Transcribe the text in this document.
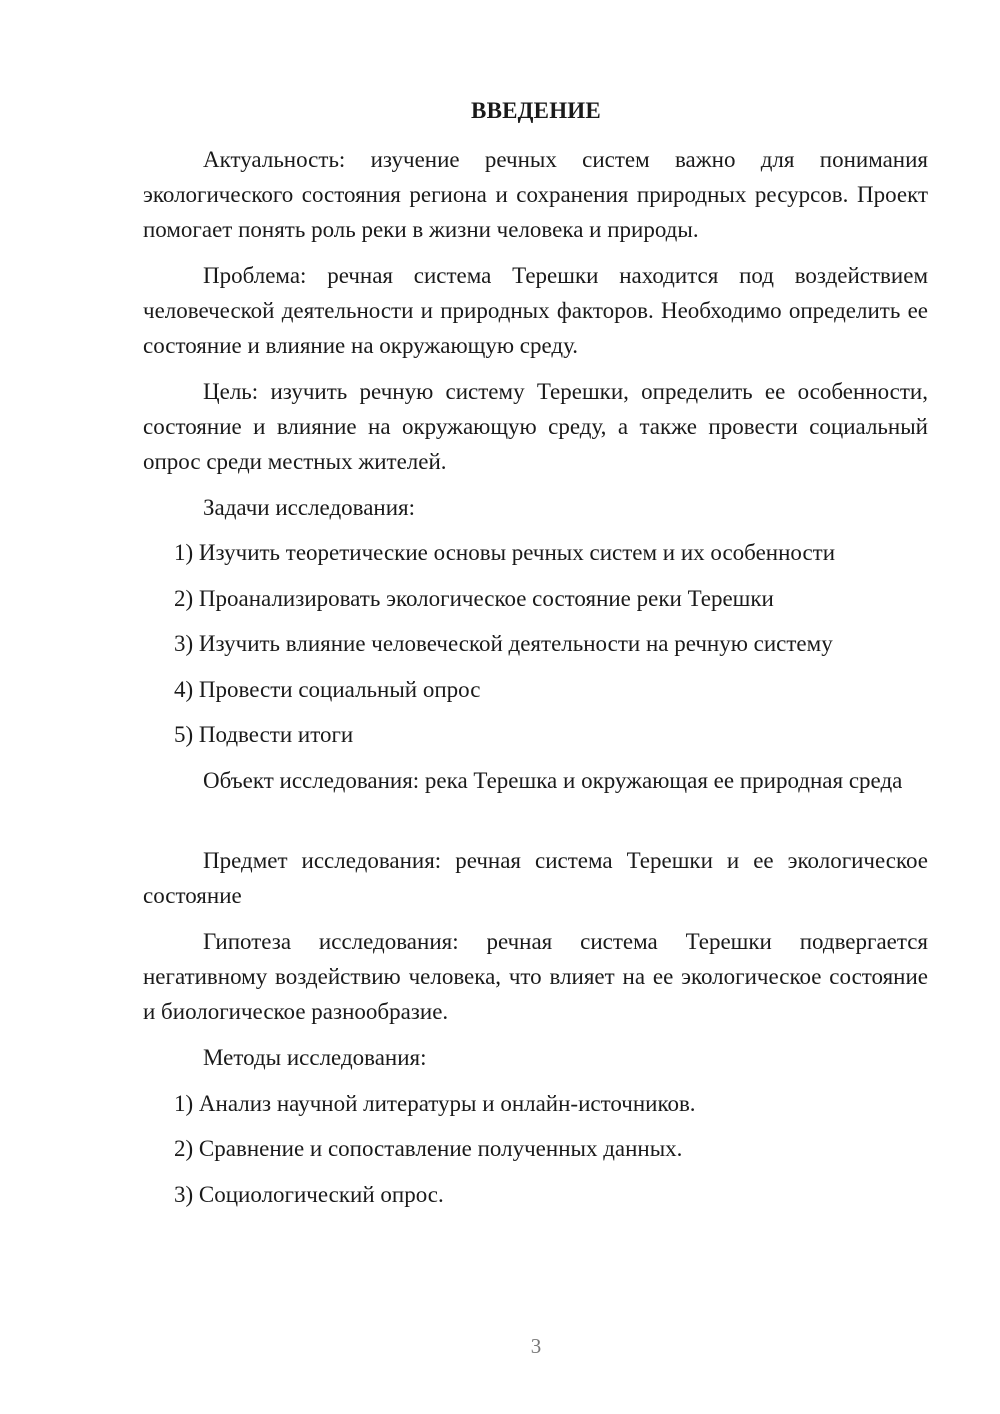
ВВЕДЕНИЕ

Актуальность: изучение речных систем важно для понимания экологического состояния региона и сохранения природных ресурсов. Проект помогает понять роль реки в жизни человека и природы.

Проблема: речная система Терешки находится под воздействием человеческой деятельности и природных факторов. Необходимо определить ее состояние и влияние на окружающую среду.

Цель: изучить речную систему Терешки, определить ее особенности, состояние и влияние на окружающую среду, а также провести социальный опрос среди местных жителей.

Задачи исследования:

1) Изучить теоретические основы речных систем и их особенности

2) Проанализировать экологическое состояние реки Терешки

3) Изучить влияние человеческой деятельности на речную систему

4) Провести социальный опрос

5) Подвести итоги

Объект исследования: река Терешка и окружающая ее природная среда

Предмет исследования: речная система Терешки и ее экологическое состояние

Гипотеза исследования: речная система Терешки подвергается негативному воздействию человека, что влияет на ее экологическое состояние и биологическое разнообразие.

Методы исследования:

1) Анализ научной литературы и онлайн-источников.

2) Сравнение и сопоставление полученных данных.

3) Социологический опрос.

3
